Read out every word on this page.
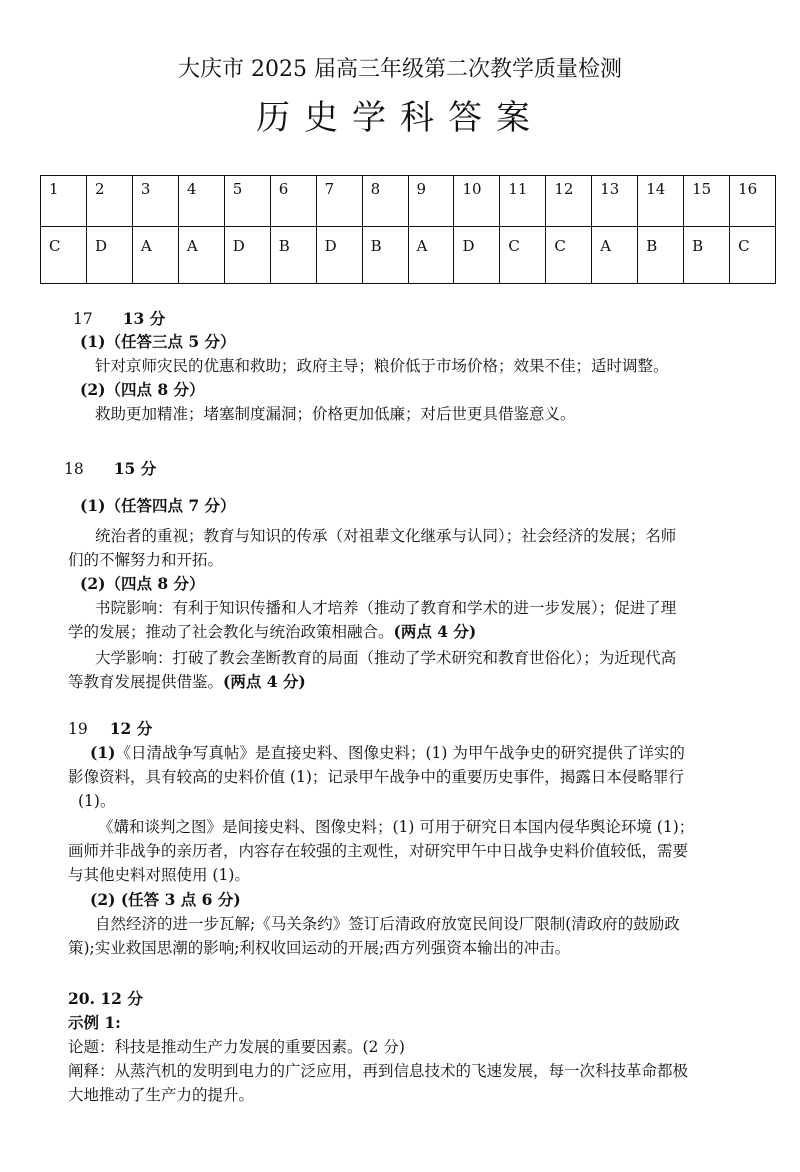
大庆市 2025 届高三年级第二次教学质量检测
历史学科答案
1	2	3	4	5	6	7	8	9	10	11	12	13	14	15	16
C	D	A	A	D	B	D	B	A	D	C	C	A	B	B	C
17 13 分
(1)（任答三点 5 分）
针对京师灾民的优惠和救助；政府主导；粮价低于市场价格；效果不佳；适时调整。
(2)（四点 8 分）
救助更加精准；堵塞制度漏洞；价格更加低廉；对后世更具借鉴意义。
18 15 分
(1)（任答四点 7 分）
统治者的重视；教育与知识的传承（对祖辈文化继承与认同）；社会经济的发展；名师
们的不懈努力和开拓。
(2)（四点 8 分）
书院影响：有利于知识传播和人才培养（推动了教育和学术的进一步发展）；促进了理
学的发展；推动了社会教化与统治政策相融合。(两点 4 分)
大学影响：打破了教会垄断教育的局面（推动了学术研究和教育世俗化）；为近现代高
等教育发展提供借鉴。(两点 4 分)
19 12 分
(1)《日清战争写真帖》是直接史料、图像史料；(1) 为甲午战争史的研究提供了详实的
影像资料，具有较高的史料价值 (1)；记录甲午战争中的重要历史事件，揭露日本侵略罪行
(1)。
《媾和谈判之图》是间接史料、图像史料；(1) 可用于研究日本国内侵华舆论环境 (1)；
画师并非战争的亲历者，内容存在较强的主观性，对研究甲午中日战争史料价值较低，需要
与其他史料对照使用 (1)。
(2) (任答 3 点 6 分)
自然经济的进一步瓦解;《马关条约》签订后清政府放宽民间设厂限制(清政府的鼓励政
策);实业救国思潮的影响;利权收回运动的开展;西方列强资本输出的冲击。
20. 12 分
示例 1:
论题：科技是推动生产力发展的重要因素。(2 分)
阐释：从蒸汽机的发明到电力的广泛应用，再到信息技术的飞速发展，每一次科技革命都极
大地推动了生产力的提升。
